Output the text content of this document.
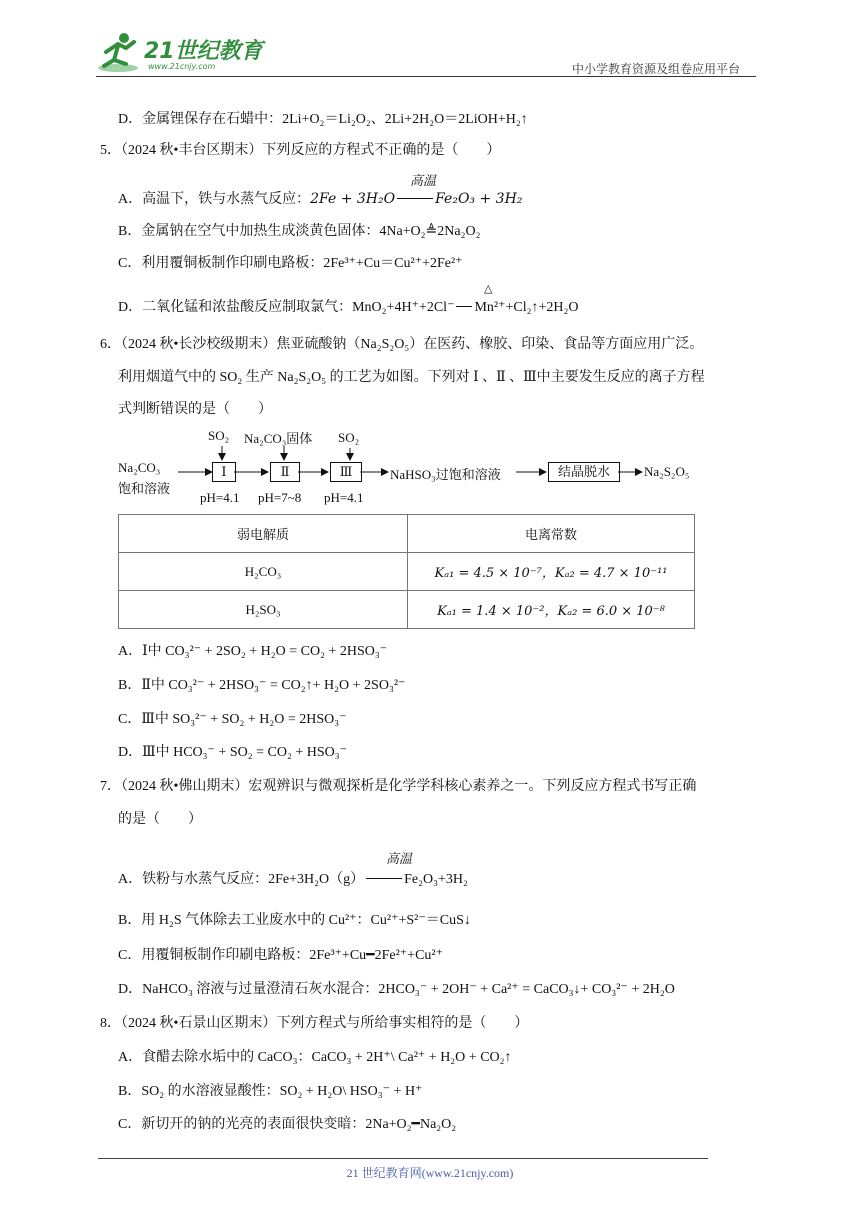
21世纪教育
www.21cnjy.com	中小学教育资源及组卷应用平台
D．金属锂保存在石蜡中：2Li+O₂＝Li₂O₂、2Li+2H₂O＝2LiOH+H₂↑
5．（2024 秋•丰台区期末）下列反应的方程式不正确的是（　　）
A．高温下，铁与水蒸气反应：2Fe + 3H₂O	Fe₂O₃ + 3H₂
高温
B．金属钠在空气中加热生成淡黄色固体：4Na+O₂≜2Na₂O₂
C．利用覆铜板制作印刷电路板：2Fe³⁺+Cu＝Cu²⁺+2Fe²⁺
D．二氧化锰和浓盐酸反应制取氯气：MnO₂+4H⁺+2Cl⁻ Mn²⁺+Cl₂↑+2H₂O
△
6．（2024 秋•长沙校级期末）焦亚硫酸钠（Na₂S₂O₅）在医药、橡胶、印染、食品等方面应用广泛。
利用烟道气中的 SO₂ 生产 Na₂S₂O₅ 的工艺为如图。下列对 Ⅰ 、Ⅱ 、Ⅲ中主要发生反应的离子方程
式判断错误的是（　　）
Na₂CO₃
饱和溶液
SO₂ Na₂CO₃固体 SO₂
Ⅰ	Ⅱ	Ⅲ	NaHSO₃过饱和溶液	结晶脱水	Na₂S₂O₅
pH=4.1 pH=7~8 pH=4.1
弱电解质	电离常数
H₂CO₃	Kₐ₁ = 4.5 × 10⁻⁷，Kₐ₂ = 4.7 × 10⁻¹¹
H₂SO₃	Kₐ₁ = 1.4 × 10⁻²，Kₐ₂ = 6.0 × 10⁻⁸
A．Ⅰ中 CO₃²⁻ + 2SO₂ + H₂O = CO₂ + 2HSO₃⁻
B．Ⅱ中 CO₃²⁻ + 2HSO₃⁻ = CO₂↑+ H₂O + 2SO₃²⁻
C．Ⅲ中 SO₃²⁻ + SO₂ + H₂O = 2HSO₃⁻
D．Ⅲ中 HCO₃⁻ + SO₂ = CO₂ + HSO₃⁻
7．（2024 秋•佛山期末）宏观辨识与微观探析是化学学科核心素养之一。下列反应方程式书写正确
的是（　　）
A．铁粉与水蒸气反应：2Fe+3H₂O（g）	Fe₂O₃+3H₂
高温
B．用 H₂S 气体除去工业废水中的 Cu²⁺：Cu²⁺+S²⁻＝CuS↓
C．用覆铜板制作印刷电路板：2Fe³⁺+Cu━2Fe²⁺+Cu²⁺
D．NaHCO₃ 溶液与过量澄清石灰水混合：2HCO₃⁻ + 2OH⁻ + Ca²⁺ = CaCO₃↓+ CO₃²⁻ + 2H₂O
8．（2024 秋•石景山区期末）下列方程式与所给事实相符的是（　　）
A．食醋去除水垢中的 CaCO₃：CaCO₃ + 2H⁺\ Ca²⁺ + H₂O + CO₂↑
B．SO₂ 的水溶液显酸性：SO₂ + H₂O\ HSO₃⁻ + H⁺
C．新切开的钠的光亮的表面很快变暗：2Na+O₂━Na₂O₂
21 世纪教育网(www.21cnjy.com)
